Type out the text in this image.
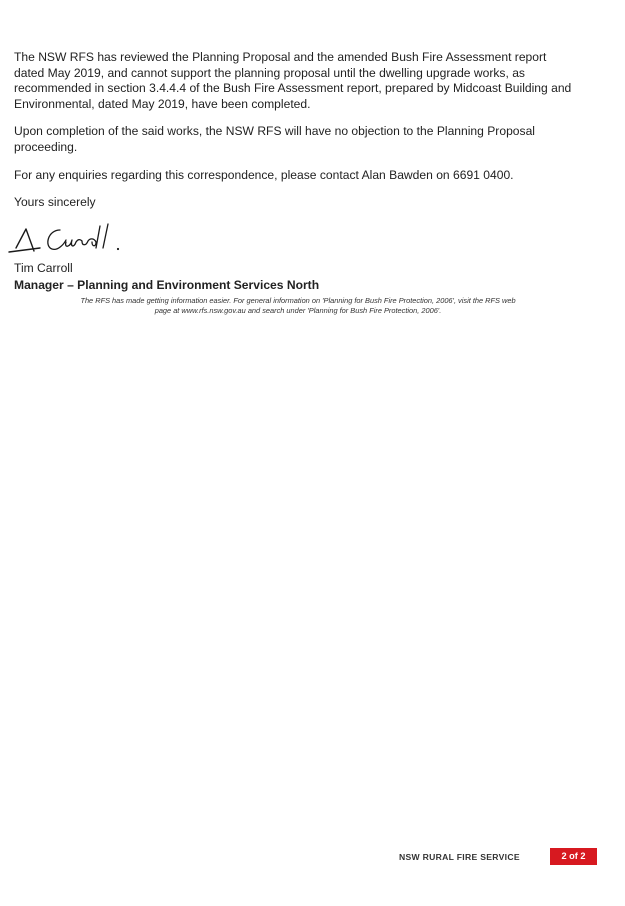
The NSW RFS has reviewed the Planning Proposal and the amended Bush Fire Assessment report dated May 2019, and cannot support the planning proposal until the dwelling upgrade works, as recommended in section 3.4.4.4 of the Bush Fire Assessment report, prepared by Midcoast Building and Environmental, dated May 2019, have been completed.

Upon completion of the said works, the NSW RFS will have no objection to the Planning Proposal proceeding.

For any enquiries regarding this correspondence, please contact Alan Bawden on 6691 0400.

Yours sincerely

Tim Carroll
Manager – Planning and Environment Services North
The RFS has made getting information easier. For general information on 'Planning for Bush Fire Protection, 2006', visit the RFS web
page at www.rfs.nsw.gov.au and search under 'Planning for Bush Fire Protection, 2006'.
NSW RURAL FIRE SERVICE	2 of 2
